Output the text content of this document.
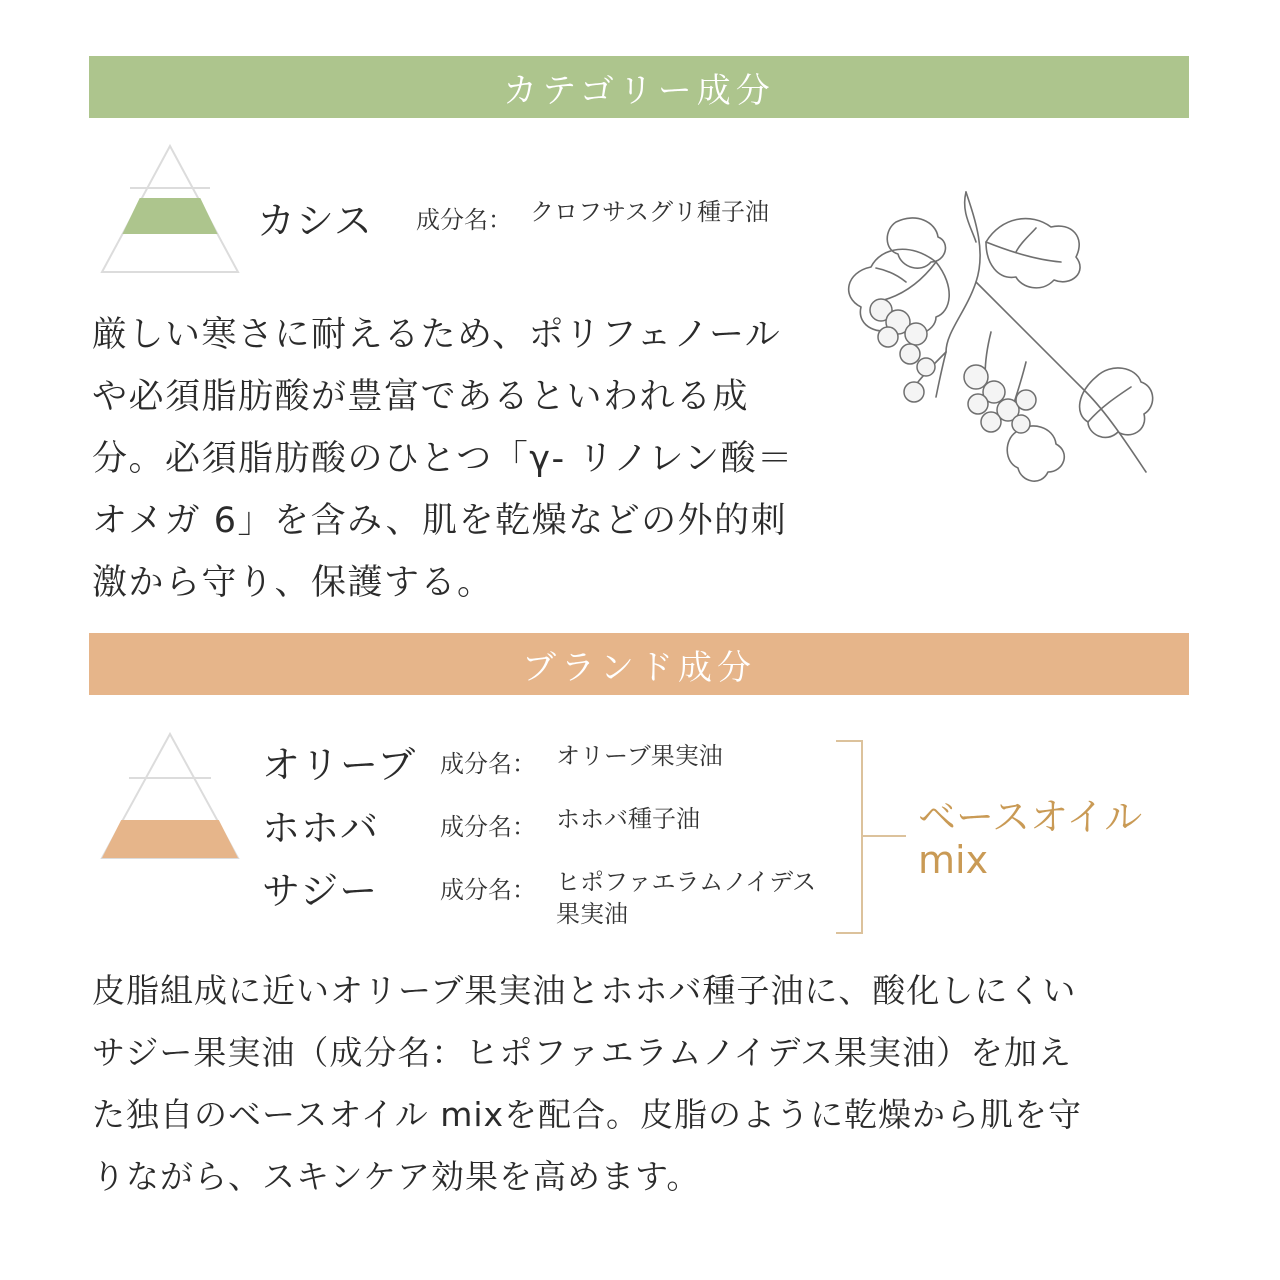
カテゴリー成分
カシス 成分名： クロフサスグリ種子油
厳しい寒さに耐えるため、ポリフェノール
や必須脂肪酸が豊富であるといわれる成
分。必須脂肪酸のひとつ「γ- リノレン酸＝
オメガ 6」を含み、肌を乾燥などの外的刺
激から守り、保護する。
ブランド成分
オリーブ 成分名： オリーブ果実油
ホホバ	成分名： ホホバ種子油
サジー	成分名： ヒポファエラムノイデス
果実油
ベースオイル
mix
皮脂組成に近いオリーブ果実油とホホバ種子油に、酸化しにくい
サジー果実油（成分名：ヒポファエラムノイデス果実油）を加え
た独自のベースオイル mixを配合。皮脂のように乾燥から肌を守
りながら、スキンケア効果を高めます。
